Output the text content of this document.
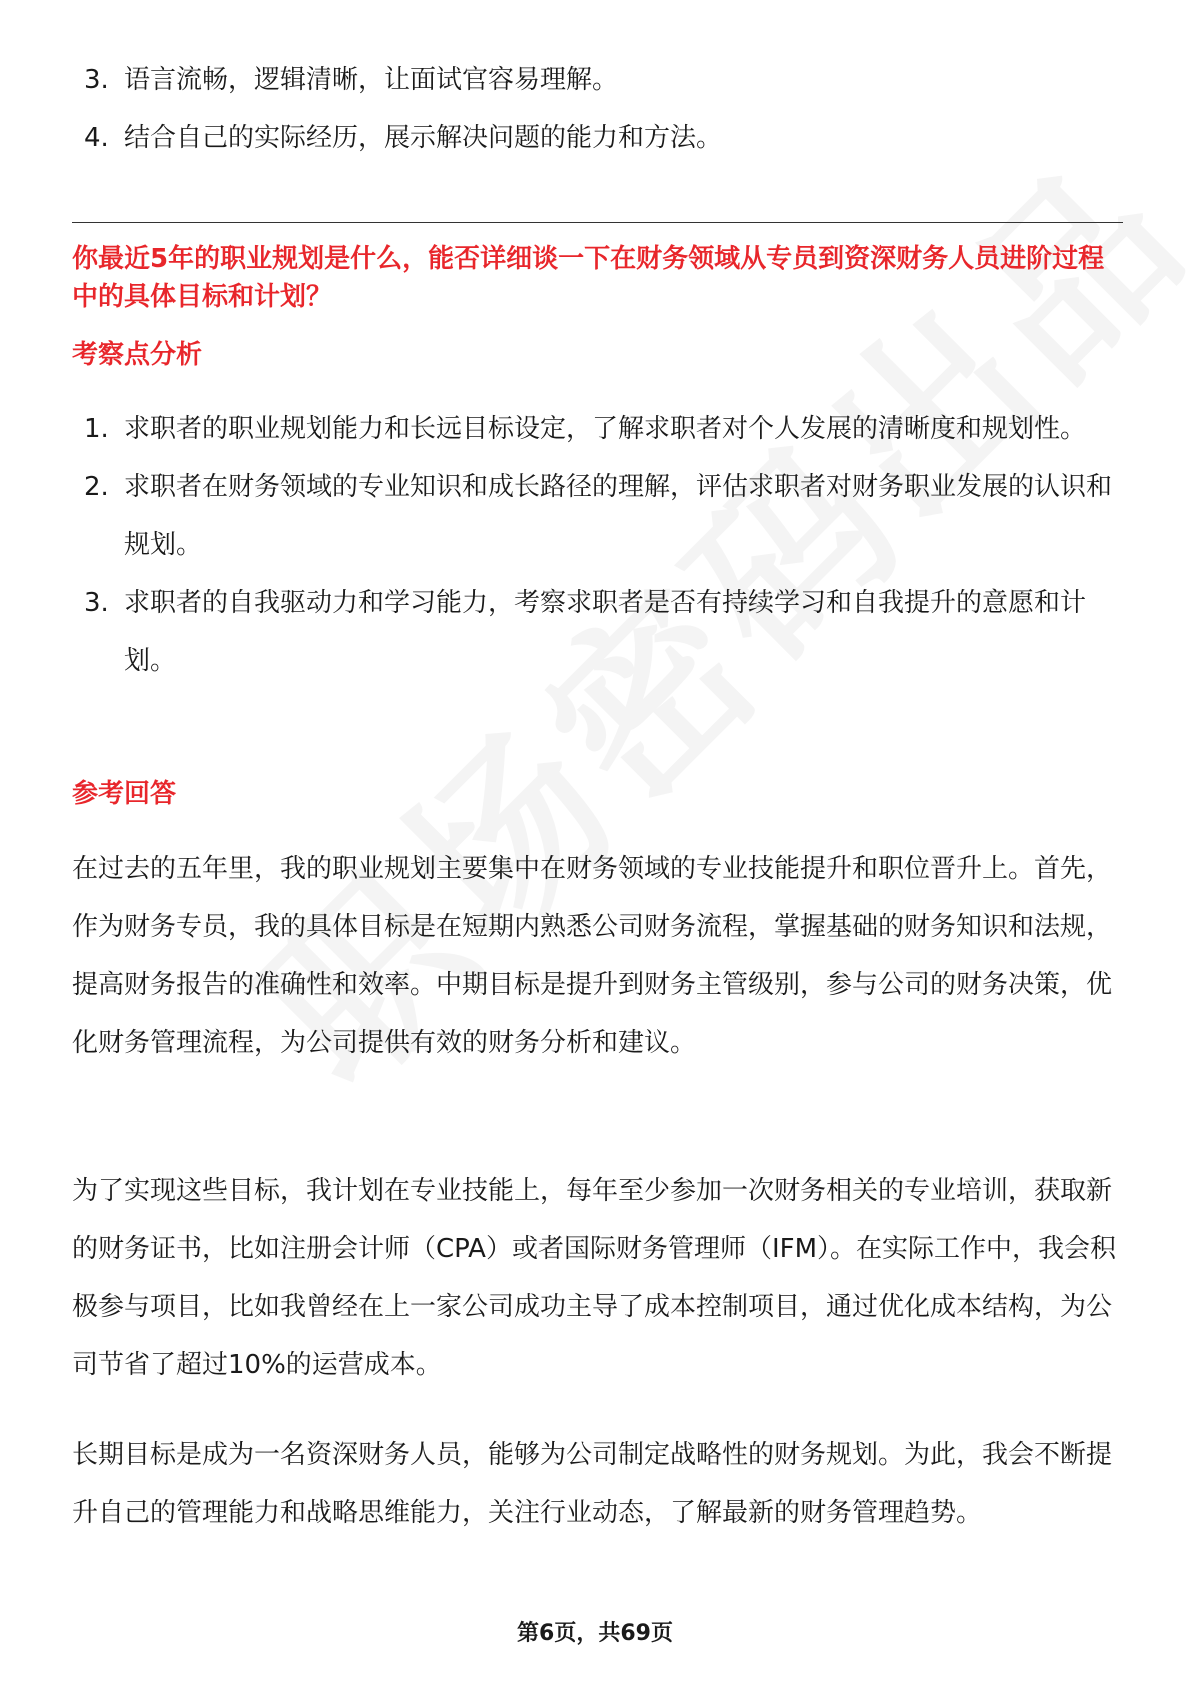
3. 语言流畅，逻辑清晰，让面试官容易理解。
4. 结合自己的实际经历，展示解决问题的能力和方法。
你最近5年的职业规划是什么，能否详细谈一下在财务领域从专员到资深财务人员进阶过程中的具体目标和计划？
考察点分析
1. 求职者的职业规划能力和长远目标设定，了解求职者对个人发展的清晰度和规划性。
2. 求职者在财务领域的专业知识和成长路径的理解，评估求职者对财务职业发展的认识和规划。
3. 求职者的自我驱动力和学习能力，考察求职者是否有持续学习和自我提升的意愿和计划。
参考回答

在过去的五年里，我的职业规划主要集中在财务领域的专业技能提升和职位晋升上。首先，作为财务专员，我的具体目标是在短期内熟悉公司财务流程，掌握基础的财务知识和法规，提高财务报告的准确性和效率。中期目标是提升到财务主管级别，参与公司的财务决策，优化财务管理流程，为公司提供有效的财务分析和建议。

为了实现这些目标，我计划在专业技能上，每年至少参加一次财务相关的专业培训，获取新的财务证书，比如注册会计师（CPA）或者国际财务管理师（IFM）。在实际工作中，我会积极参与项目，比如我曾经在上一家公司成功主导了成本控制项目，通过优化成本结构，为公司节省了超过10%的运营成本。

长期目标是成为一名资深财务人员，能够为公司制定战略性的财务规划。为此，我会不断提升自己的管理能力和战略思维能力，关注行业动态，了解最新的财务管理趋势。

第6页，共69页
